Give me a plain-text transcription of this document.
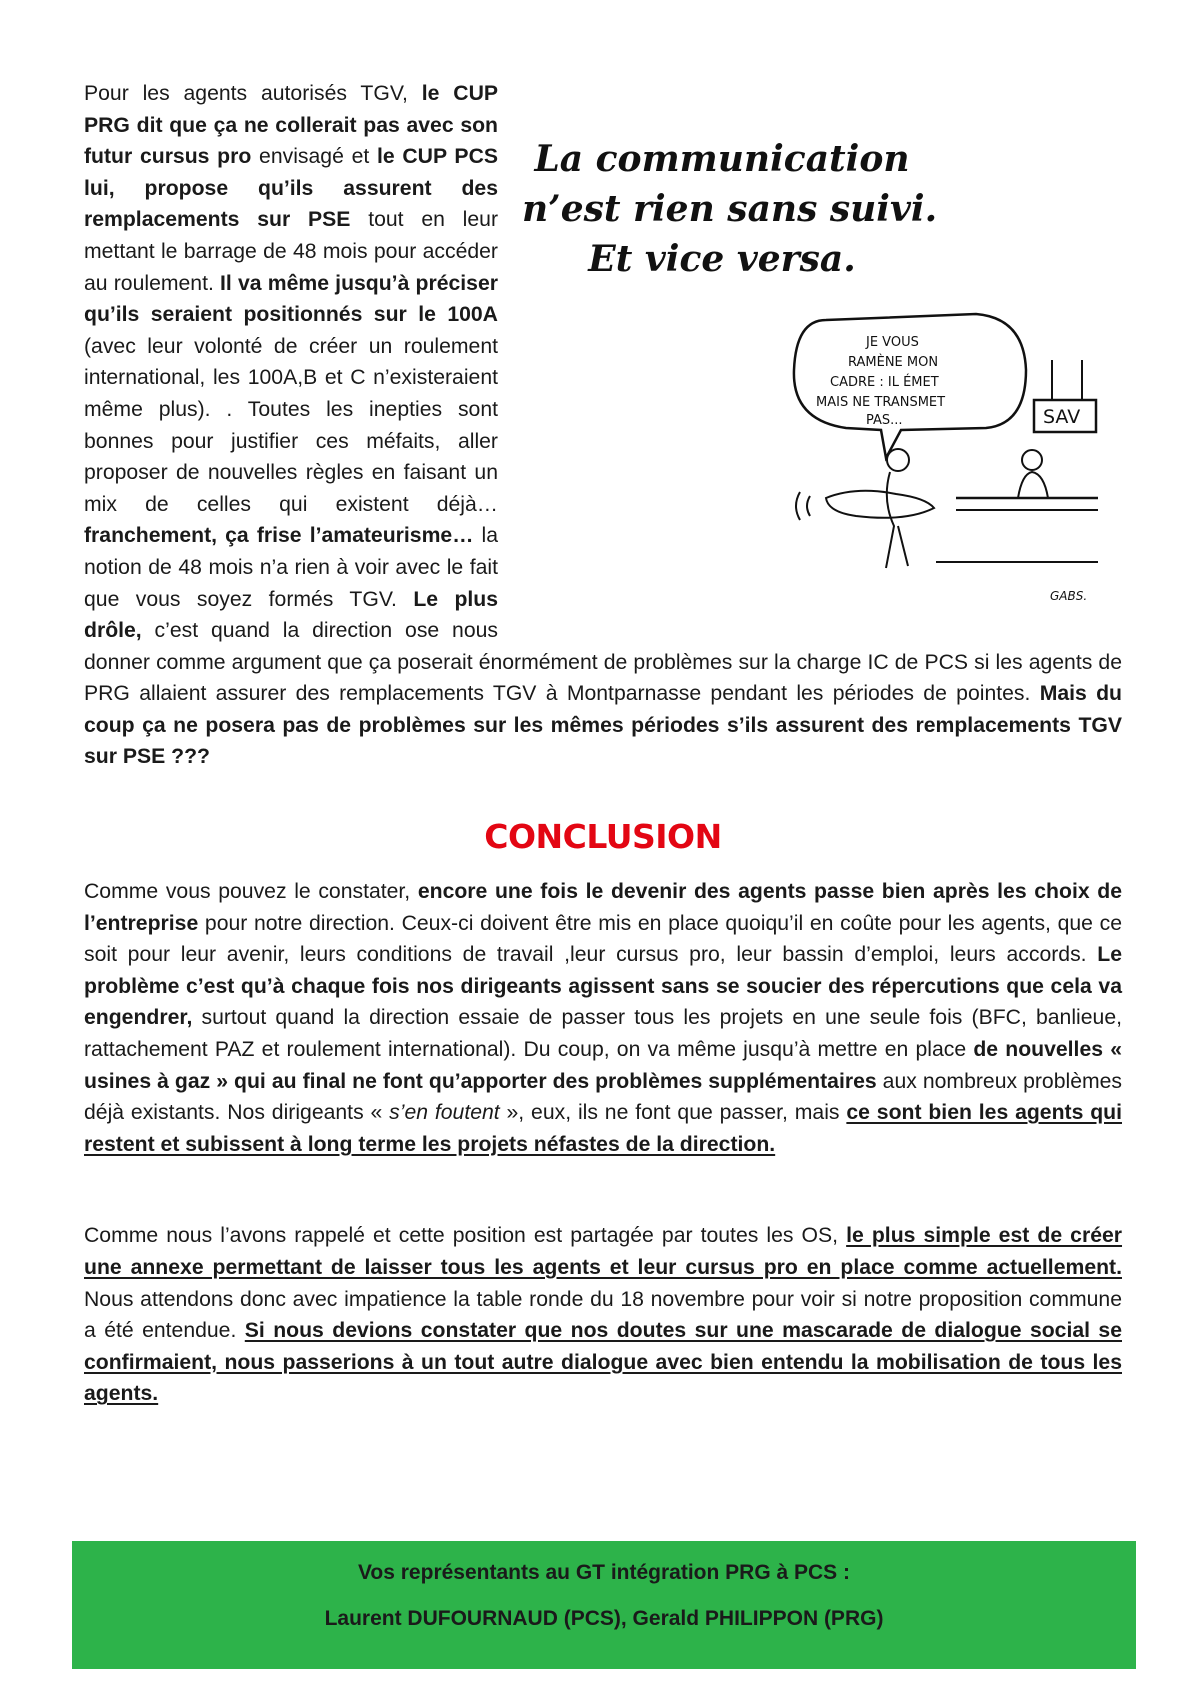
La communication
n’est rien sans suivi.
Et vice versa.
JE VOUS
RAMÈNE MON
CADRE : IL ÉMET
MAIS NE TRANSMET
PAS...	SAV
GABS.

Pour les agents autorisés TGV, le CUP PRG dit que ça ne collerait pas avec son futur cursus pro envisagé et le CUP PCS lui, propose qu’ils assurent des remplacements sur PSE tout en leur mettant le barrage de 48 mois pour accéder au roulement. Il va même jusqu’à préciser qu’ils seraient positionnés sur le 100A (avec leur volonté de créer un roulement international, les 100A,B et C n’existeraient même plus). . Toutes les inepties sont bonnes pour justifier ces méfaits, aller proposer de nouvelles règles en faisant un mix de celles qui existent déjà… franchement, ça frise l’amateurisme… la notion de 48 mois n’a rien à voir avec le fait que vous soyez formés TGV. Le plus drôle, c’est quand la direction ose nous donner comme argument que ça poserait énormément de problèmes sur la charge IC de PCS si les agents de PRG allaient assurer des remplacements TGV à Montparnasse pendant les périodes de pointes. Mais du coup ça ne posera pas de problèmes sur les mêmes périodes s’ils assurent des remplacements TGV sur PSE ???

CONCLUSION

Comme vous pouvez le constater, encore une fois le devenir des agents passe bien après les choix de l’entreprise pour notre direction. Ceux-ci doivent être mis en place quoiqu’il en coûte pour les agents, que ce soit pour leur avenir, leurs conditions de travail ,leur cursus pro, leur bassin d’emploi, leurs accords. Le problème c’est qu’à chaque fois nos dirigeants agissent sans se soucier des répercutions que cela va engendrer, surtout quand la direction essaie de passer tous les projets en une seule fois (BFC, banlieue, rattachement PAZ et roulement international). Du coup, on va même jusqu’à mettre en place de nouvelles « usines à gaz » qui au final ne font qu’apporter des problèmes supplémentaires aux nombreux problèmes déjà existants. Nos dirigeants « s’en foutent », eux, ils ne font que passer, mais ce sont bien les agents qui restent et subissent à long terme les projets néfastes de la direction.

Comme nous l’avons rappelé et cette position est partagée par toutes les OS, le plus simple est de créer une annexe permettant de laisser tous les agents et leur cursus pro en place comme actuellement. Nous attendons donc avec impatience la table ronde du 18 novembre pour voir si notre proposition commune a été entendue. Si nous devions constater que nos doutes sur une mascarade de dialogue social se confirmaient, nous passerions à un tout autre dialogue avec bien entendu la mobilisation de tous les agents.

Vos représentants au GT intégration PRG à PCS :
Laurent DUFOURNAUD (PCS), Gerald PHILIPPON (PRG)
